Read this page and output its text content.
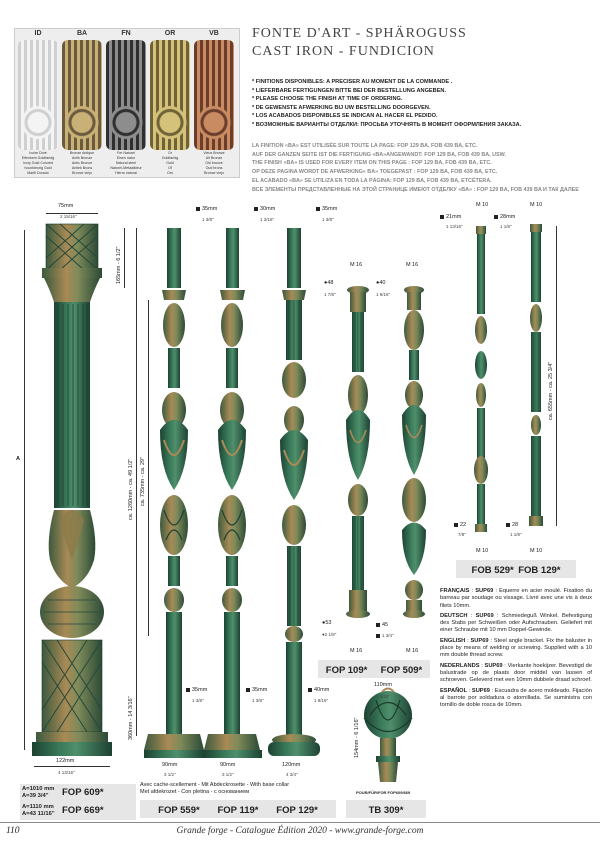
FONTE D'ART - SPHÄROGUSS
CAST IRON - FUNDICION
* FINITIONS DISPONIBLES: A PRECISER AU MOMENT DE LA COMMANDE .
* LIEFERBARE FERTIGUNGEN BITTE BEI DER BESTELLUNG ANGEBEN.
* PLEASE CHOOSE THE FINISH AT TIME OF ORDERING.
* DE GEWENSTE AFWERKING BIJ UW BESTELLING DOORGEVEN.
* LOS ACABADOS DISPONIBLES SE INDICAN AL HACER EL PEDIDO.
* ВОЗМОЖНЫЕ ВАРИАНТЫ ОТДЕЛКИ: ПРОСЬБА УТОЧНЯТЬ В МОМЕНТ ОФОРМЛЕНИЯ ЗАКАЗА.
LA FINITION «BA» EST UTILISÉE SUR TOUTE LA PAGE: FOP 129 BA, FOB 439 BA, ETC.
AUF DER GANZEN SEITE IST DIE FERTIGUNG «BA»ANGEWANDT: FOP 129 BA, FOB 439 BA, USW.
THE FINISH «BA» IS USED FOR EVERY ITEM ON THIS PAGE : FOP 129 BA, FOB 439 BA, ETC.
OP DEZE PAGINA WORDT DE AFWERKING« BA» TOEGEPAST : FOP 129 BA, FOB 439 BA, ETC.
EL ACABADO «BA» SE UTILIZA EN TODA LA PÁGINA: FOP 129 BA, FOB 439 BA, ETCÉTERA.
ВСЕ ЭЛЕМЕНТЫ ПРЕДСТАВЛЕННЫЕ НА ЭТОЙ СТРАНИЦЕ ИМЕЮТ ОТДЕЛКУ «BA» : FOP 129 BA, FOB 439 BA И ТАК ДАЛЕЕ
ID
Ivoire Doré
Elfenbein Goldfarbig
Ivory Gold Colored
Ivoorkleurig Gold
Marfil Dorado
BA
Bronze Antique
Antik Bronze
Antic Bronze
Antiek Brons
Bronce viejo
FN
Fer Naturel
Eisen natur
Natural steel
Naturel-Metaalkleur
Hierro natural
OR
Or
Goldfarbig
Gold
Of
Oro
VB
Vieux Bronze
Alt Bronze
Old bronze
Oud brons
Bronce viejo
75mm
2 15/16"
A
122mm
4 13/16"
A=1010 mm
A=39 3/4"
A=1110 mm
A=43 11/16"
FOP 609*
FOP 669*
35mm
1 3/8"
30mm
1 3/16"
35mm
1 3/8"
165mm - 6 1/2"
ca. 1260mm - ca. 49 1/2" ca. 735mm - ca. 29"
360mm - 14 3/16"
35mm
1 3/8"
35mm
1 3/8"
40mm
1 9/16"
90mm
3 1/2"
90mm
3 1/2"
120mm
4 3/4"
Avec cache-scellement - Mit Abdeckrosette - With base collar
Met afdekrozet - Con pletina - с основанием
FOP 559* FOP 119* FOP 129*
M 16	M 16
●48
1 7/8"
●40
1 9/16"
●53
●2 1/8"
45
1 3/4"
M 16	M 16
FOP 109* FOP 509*
M 10	M 10
21mm
1 13/16"
28mm
1 1/8"
ca. 655mm - ca. 25 3/4"
22
7/8"
28
1 1/8"
M 10	M 10
FOB 529* FOB 129*
110mm
4 5/16"
154mm - 6 1/16"
POUR/FÜR/FOR FOP609/669
TB 309*

FRANÇAIS : SUP69 : Equerre en acier moulé. Fixation du barreau par soudage ou vissage. Livré avec une vis à deux filets 10mm.

DEUTSCH : SUP69 : Schmiedeguß Winkel. Befestigung des Stabs per Schweißen oder Aufschrauben. Geliefert mit einer Schraube mit 10 mm Doppel-Gewinde.

ENGLISH : SUP69 : Steel angle bracket. Fix the baluster in place by means of welding or screwing. Supplied with a 10 mm double thread screw.

NEDERLANDS : SUP69 : Vierkante hoekijzer. Bevestigd de balustrade op de plaats door middel van lassen of schroeven. Geleverd met een 10mm dubbele draad schroef.

ESPAÑOL : SUP69 : Escuadra de acero moldeado. Fijación al barrote por soldadura o atornillada. Se suministra con tornillo de doble rosca de 10mm.

110	Grande forge - Catalogue Édition 2020 - www.grande-forge.com
